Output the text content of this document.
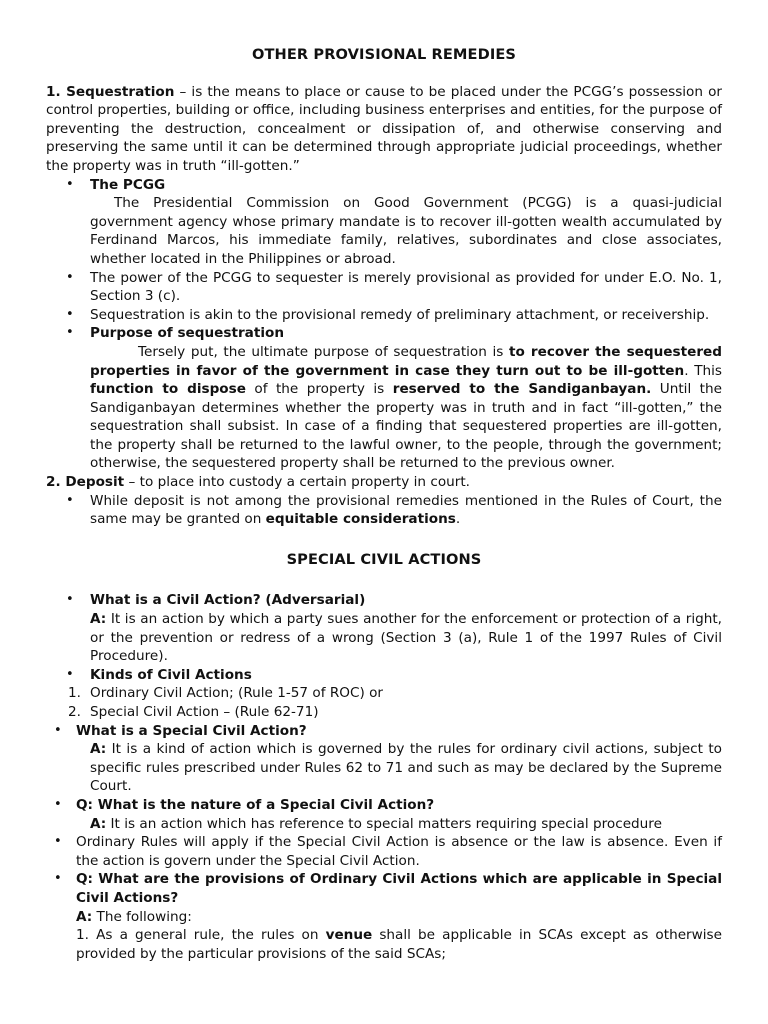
OTHER PROVISIONAL REMEDIES

1. Sequestration – is the means to place or cause to be placed under the PCGG’s possession or control properties, building or office, including business enterprises and entities, for the purpose of preventing the destruction, concealment or dissipation of, and otherwise conserving and preserving the same until it can be determined through appropriate judicial proceedings, whether the property was in truth “ill-gotten.”

• The PCGG
The Presidential Commission on Good Government (PCGG) is a quasi-judicial government agency whose primary mandate is to recover ill-gotten wealth accumulated by Ferdinand Marcos, his immediate family, relatives, subordinates and close associates, whether located in the Philippines or abroad.
• The power of the PCGG to sequester is merely provisional as provided for under E.O. No. 1, Section 3 (c).
• Sequestration is akin to the provisional remedy of preliminary attachment, or receivership.
• Purpose of sequestration
Tersely put, the ultimate purpose of sequestration is to recover the sequestered properties in favor of the government in case they turn out to be ill-gotten. This function to dispose of the property is reserved to the Sandiganbayan. Until the Sandiganbayan determines whether the property was in truth and in fact “ill-gotten,” the sequestration shall subsist. In case of a finding that sequestered properties are ill-gotten, the property shall be returned to the lawful owner, to the people, through the government; otherwise, the sequestered property shall be returned to the previous owner.

2. Deposit – to place into custody a certain property in court.

• While deposit is not among the provisional remedies mentioned in the Rules of Court, the same may be granted on equitable considerations.
SPECIAL CIVIL ACTIONS
• What is a Civil Action? (Adversarial)
A: It is an action by which a party sues another for the enforcement or protection of a right, or the prevention or redress of a wrong (Section 3 (a), Rule 1 of the 1997 Rules of Civil Procedure).
• Kinds of Civil Actions
1. Ordinary Civil Action; (Rule 1-57 of ROC) or
2. Special Civil Action – (Rule 62-71)
• What is a Special Civil Action?
A: It is a kind of action which is governed by the rules for ordinary civil actions, subject to specific rules prescribed under Rules 62 to 71 and such as may be declared by the Supreme Court.
• Q: What is the nature of a Special Civil Action?
A: It is an action which has reference to special matters requiring special procedure
• Ordinary Rules will apply if the Special Civil Action is absence or the law is absence. Even if the action is govern under the Special Civil Action.
• Q: What are the provisions of Ordinary Civil Actions which are applicable in Special Civil Actions?
A: The following:
1. As a general rule, the rules on venue shall be applicable in SCAs except as otherwise provided by the particular provisions of the said SCAs;
